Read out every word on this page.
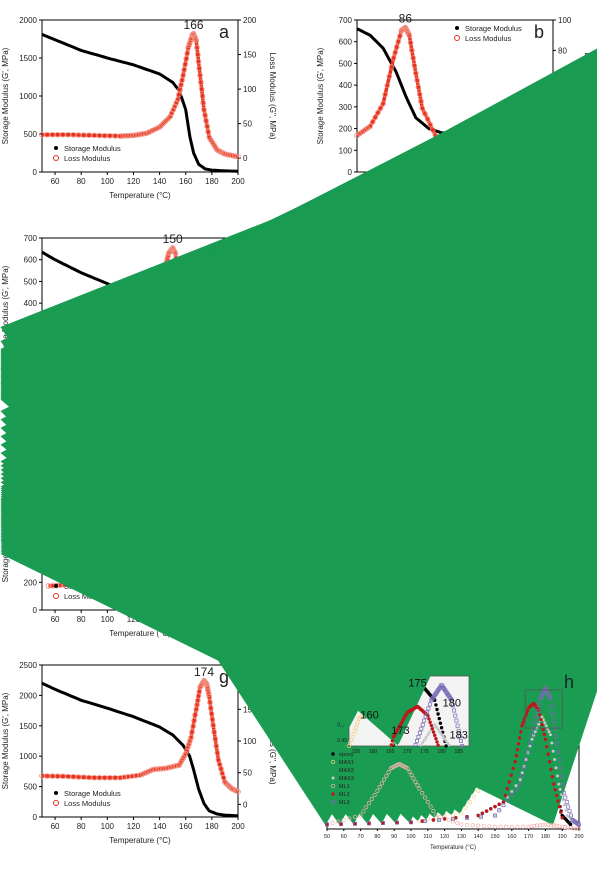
60 80 100 120 140 160 180 200
0
500
1000
1500
2000
0
50
100
150
200
Temperature (°C)
Storage Modulus (G', MPa)	Loss Modulus (G'', MPa)
166 a
Storage Modulus
Loss Modulus
0
100
200
300
400
500
600
700
80
100
Storage Modulus (G', MPa)
86
b
Storage Modulus
Loss Modulus
400
500
600
700
Storage Modulus (G', MPa)
150
60 80 100 120
0
200
Temperature (°C)
Loss Modulus
60 80 100 120 140 160 180 200
0
500
1000
1500
2000
2500
0
50
100
150
Temperature (°C)
Storage Modulus (G', MPa)
174 g
Storage Modulus
Loss Modulus
50 60 70 80 90 100 110 120 130 140 150 160 170 180 190 200
Temperature (°C)
155 160 165 170 175 180 185
0.45
0.50
160
175
180
173	183
epoxy
MAX1
MAX2
MAX3
ML1
ML2
ML3
h
